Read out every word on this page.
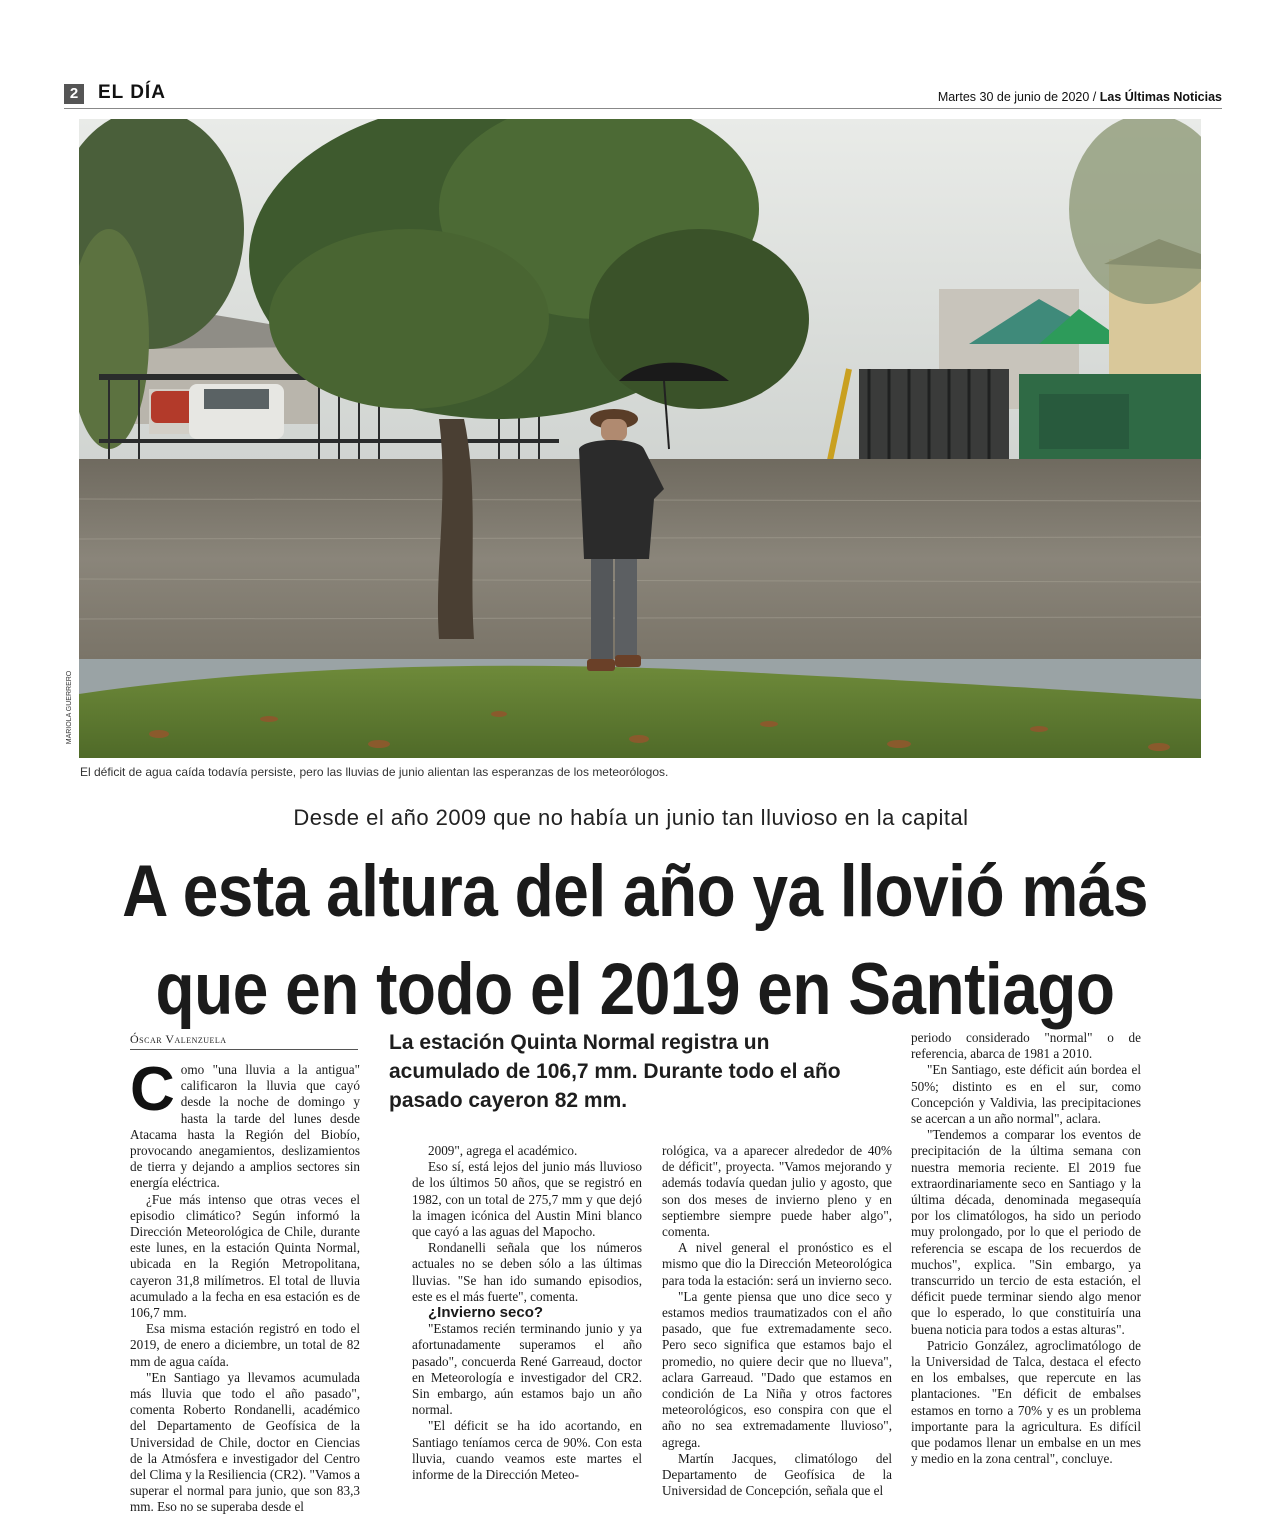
2	EL DÍA	Martes 30 de junio de 2020 / Las Últimas Noticias
MARIOLA GUERRERO
El déficit de agua caída todavía persiste, pero las lluvias de junio alientan las esperanzas de los meteorólogos.
Desde el año 2009 que no había un junio tan lluvioso en la capital
A esta altura del año ya llovió más
que en todo el 2019 en Santiago
Óscar Valenzuela	La estación Quinta Normal registra un acumulado de 106,7 mm. Durante todo el año pasado cayeron 82 mm.
C omo "una lluvia a la antigua" calificaron la lluvia que cayó desde la noche de domingo y hasta la tarde del lunes desde Atacama hasta la Región del Biobío, provocando anegamientos, deslizamientos de tierra y dejando a amplios sectores sin energía eléctrica.

¿Fue más intenso que otras veces el episodio climático? Según informó la Dirección Meteorológica de Chile, durante este lunes, en la estación Quinta Normal, ubicada en la Región Metropolitana, cayeron 31,8 milímetros. El total de lluvia acumulado a la fecha en esa estación es de 106,7 mm.

Esa misma estación registró en todo el 2019, de enero a diciembre, un total de 82 mm de agua caída.

"En Santiago ya llevamos acumulada más lluvia que todo el año pasado", comenta Roberto Rondanelli, académico del Departamento de Geofísica de la Universidad de Chile, doctor en Ciencias de la Atmósfera e investigador del Centro del Clima y la Resiliencia (CR2). "Vamos a superar el normal para junio, que son 83,3 mm. Eso no se superaba desde el

2009", agrega el académico.

Eso sí, está lejos del junio más lluvioso de los últimos 50 años, que se registró en 1982, con un total de 275,7 mm y que dejó la imagen icónica del Austin Mini blanco que cayó a las aguas del Mapocho.

Rondanelli señala que los números actuales no se deben sólo a las últimas lluvias. "Se han ido sumando episodios, este es el más fuerte", comenta.

¿Invierno seco?

"Estamos recién terminando junio y ya afortunadamente superamos el año pasado", concuerda René Garreaud, doctor en Meteorología e investigador del CR2. Sin embargo, aún estamos bajo un año normal.

"El déficit se ha ido acortando, en Santiago teníamos cerca de 90%. Con esta lluvia, cuando veamos este martes el informe de la Dirección Meteo-

rológica, va a aparecer alrededor de 40% de déficit", proyecta. "Vamos mejorando y además todavía quedan julio y agosto, que son dos meses de invierno pleno y en septiembre siempre puede haber algo", comenta.

A nivel general el pronóstico es el mismo que dio la Dirección Meteorológica para toda la estación: será un invierno seco.

"La gente piensa que uno dice seco y estamos medios traumatizados con el año pasado, que fue extremadamente seco. Pero seco significa que estamos bajo el promedio, no quiere decir que no llueva", aclara Garreaud. "Dado que estamos en condición de La Niña y otros factores meteorológicos, eso conspira con que el año no sea extremadamente lluvioso", agrega.

Martín Jacques, climatólogo del Departamento de Geofísica de la Universidad de Concepción, señala que el

periodo considerado "normal" o de referencia, abarca de 1981 a 2010.

"En Santiago, este déficit aún bordea el 50%; distinto es en el sur, como Concepción y Valdivia, las precipitaciones se acercan a un año normal", aclara.

"Tendemos a comparar los eventos de precipitación de la última semana con nuestra memoria reciente. El 2019 fue extraordinariamente seco en Santiago y la última década, denominada megasequía por los climatólogos, ha sido un periodo muy prolongado, por lo que el periodo de referencia se escapa de los recuerdos de muchos", explica. "Sin embargo, ya transcurrido un tercio de esta estación, el déficit puede terminar siendo algo menor que lo esperado, lo que constituiría una buena noticia para todos a estas alturas".

Patricio González, agroclimatólogo de la Universidad de Talca, destaca el efecto en los embalses, que repercute en las plantaciones. "En déficit de embalses estamos en torno a 70% y es un problema importante para la agricultura. Es difícil que podamos llenar un embalse en un mes y medio en la zona central", concluye.
